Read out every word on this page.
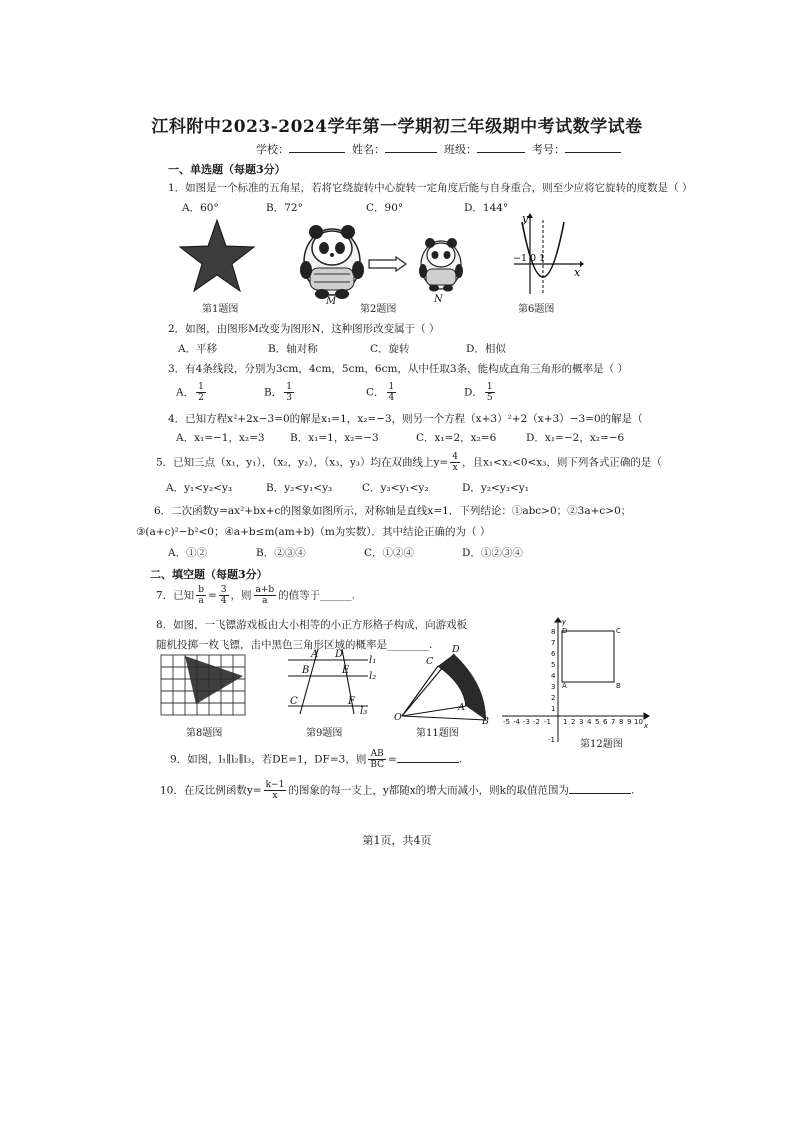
江科附中2023-2024学年第一学期初三年级期中考试数学试卷
学校：	姓名：	班级：	考号：
一、单选题（每题3分）
1．如图是一个标准的五角星，若将它绕旋转中心旋转一定角度后能与自身重合，则至少应将它旋转的度数是（ ）
A．60°	B．72°	C．90°	D．144°
第1题图
M	N
第2题图
y
x
−1 0 1
第6题图
2．如图，由图形M改变为图形N，这种图形改变属于（ ）
A．平移	B．轴对称	C．旋转	D．相似
3．有4条线段，分别为3cm，4cm，5cm，6cm，从中任取3条，能构成直角三角形的概率是（ ）
A． $\frac{1}{2}$	B． $\frac{1}{3}$	C． $\frac{1}{4}$	D． $\frac{1}{5}$
4．已知方程x²+2x−3=0的解是x₁=1，x₂=−3，则另一个方程（x+3）²+2（x+3）−3=0的解是（
A．x₁=−1，x₂=3 B．x₁=1，x₂=−3	C．x₁=2，x₂=6	D．x₁=−2，x₂=−6
5．已知三点（x₁，y₁），（x₂，y₂），（x₃，y₃）均在双曲线上$y= \frac{4}{x}$ ，且x₁<x₂<0<x₃，则下列各式正确的是（
A．y₁<y₂<y₃	B．y₂<y₁<y₃	C．y₃<y₁<y₂	D．y₂<y₃<y₁
6．二次函数y=ax²+bx+c的图象如图所示，对称轴是直线x=1．下列结论：①abc>0；②3a+c>0；
③(a+c)²−b²<0；④a+b≤m(am+b)（m为实数）．其中结论正确的为（ ）
A．①②	B．②③④	C．①②④	D．①②③④
二、填空题（每题3分）
7．已知 $\frac{b}{a} = \frac{3}{4}$ ，则 $\frac{a+b}{a}$ 的值等于______.
8．如图，一飞镖游戏板由大小相等的小正方形格子构成，向游戏板
随机投掷一枚飞镖，击中黑色三角形区域的概率是________.
第8题图
A D
B	E
C	F
l₁
l₂
l₃
第9题图
C
D
O
A
B
第11题图
D	C
A	B
8
7
6
5
4
3
2
1
-5 -4 -3 -2 -1 1 2 3 4 5 6 7 8 9 10
-1
y
x
第12题图
9．如图，l₁∥l₂∥l₃，若DE=1，DF=3，则 $\frac{AB}{BC}$ =	.
10．在反比例函数$y= \frac{k-1}{x}$ 的图象的每一支上，y都随x的增大而减小，则k的取值范围为	.
第1页，共4页
